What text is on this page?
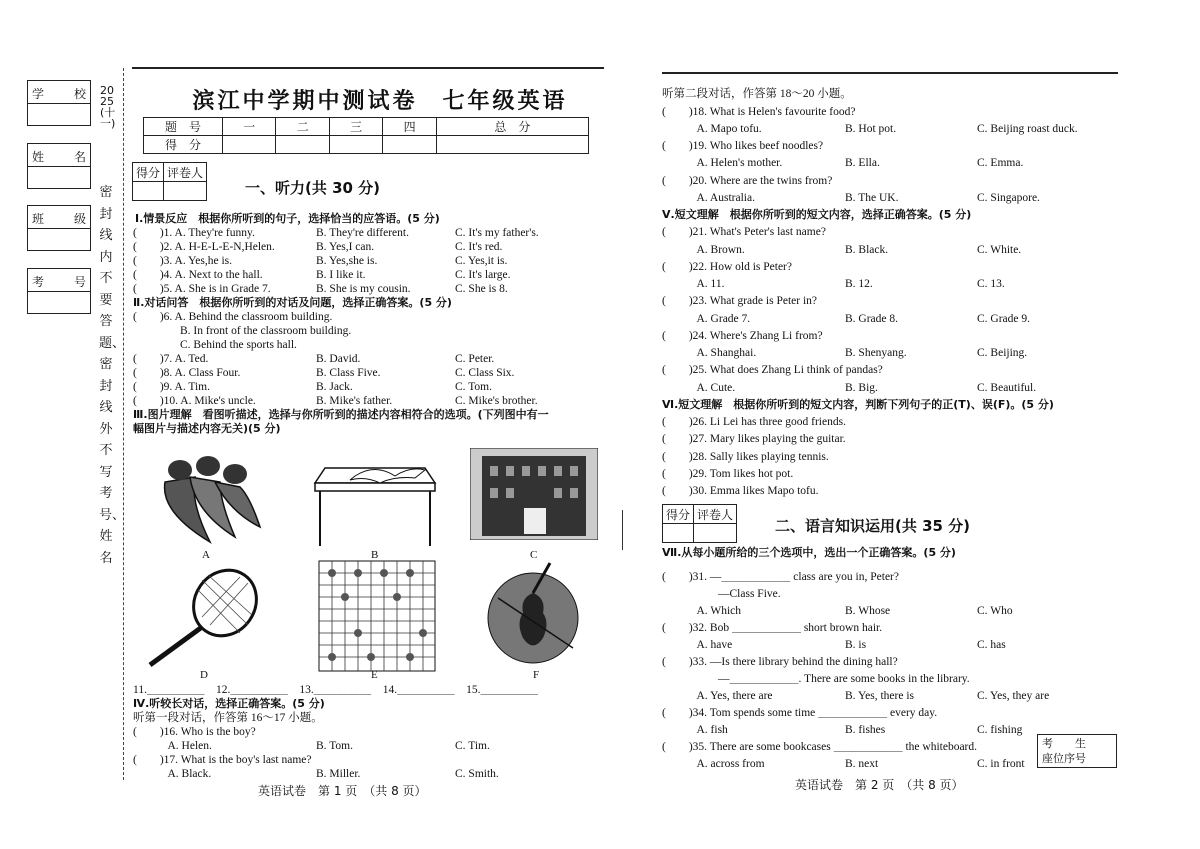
学 校
姓 名
班 级
考 号
2025(十一)
密封线内不要答题、密封线外不写考号、姓名
滨江中学期中测试卷　七年级英语
题　号	一	二	三	四	总　分
得　分					
得分	评卷人

一、听力(共 30 分)
Ⅰ.情景反应　根据你所听到的句子，选择恰当的应答语。(5 分)
(　　)1. A. They're funny.	B. They're different.	C. It's my father's.
(　　)2. A. H-E-L-E-N,Helen.	B. Yes,I can.	C. It's red.
(　　)3. A. Yes,he is.	B. Yes,she is.	C. Yes,it is.
(　　)4. A. Next to the hall.	B. I like it.	C. It's large.
(　　)5. A. She is in Grade 7.	B. She is my cousin.	C. She is 8.
Ⅱ.对话问答　根据你所听到的对话及问题，选择正确答案。(5 分)
(　　)6. A. Behind the classroom building.
B. In front of the classroom building.
C. Behind the sports hall.
(　　)7. A. Ted.	B. David.	C. Peter.
(　　)8. A. Class Four.	B. Class Five.	C. Class Six.
(　　)9. A. Tim.	B. Jack.	C. Tom.
(　　)10. A. Mike's uncle.	B. Mike's father.	C. Mike's brother.
Ⅲ.图片理解　看图听描述，选择与你所听到的描述内容相符合的选项。(下列图中有一
幅图片与描述内容无关)(5 分)
11.＿＿＿＿＿　12.＿＿＿＿＿　13.＿＿＿＿＿　14.＿＿＿＿＿　15.＿＿＿＿＿
Ⅳ.听较长对话，选择正确答案。(5 分)
听第一段对话，作答第 16～17 小题。
(　　)16. Who is the boy?
　　　A. Helen.	B. Tom.	C. Tim.
(　　)17. What is the boy's last name?
　　　A. Black.	B. Miller.	C. Smith.
A	B	C
D	E	F
听第二段对话，作答第 18～20 小题。
(　　)18. What is Helen's favourite food?
　　　A. Mapo tofu.	B. Hot pot.	C. Beijing roast duck.
(　　)19. Who likes beef noodles?
　　　A. Helen's mother.	B. Ella.	C. Emma.
(　　)20. Where are the twins from?
　　　A. Australia.	B. The UK.	C. Singapore.
Ⅴ.短文理解　根据你所听到的短文内容，选择正确答案。(5 分)
(　　)21. What's Peter's last name?
　　　A. Brown.	B. Black.	C. White.
(　　)22. How old is Peter?
　　　A. 11.	B. 12.	C. 13.
(　　)23. What grade is Peter in?
　　　A. Grade 7.	B. Grade 8.	C. Grade 9.
(　　)24. Where's Zhang Li from?
　　　A. Shanghai.	B. Shenyang.	C. Beijing.
(　　)25. What does Zhang Li think of pandas?
　　　A. Cute.	B. Big.	C. Beautiful.
Ⅵ.短文理解　根据你所听到的短文内容，判断下列句子的正(T)、误(F)。(5 分)
(　　)26. Li Lei has three good friends.
(　　)27. Mary likes playing the guitar.
(　　)28. Sally likes playing tennis.
(　　)29. Tom likes hot pot.
(　　)30. Emma likes Mapo tofu.
Ⅶ.从每小题所给的三个选项中，选出一个正确答案。(5 分)
(　　)31. —＿＿＿＿＿＿ class are you in, Peter?
—Class Five.
　　　A. Which	B. Whose	C. Who
(　　)32. Bob ＿＿＿＿＿＿ short brown hair.
　　　A. have	B. is	C. has
(　　)33. —Is there library behind the dining hall?
—＿＿＿＿＿＿. There are some books in the library.
　　　A. Yes, there are	B. Yes, there is	C. Yes, they are
(　　)34. Tom spends some time ＿＿＿＿＿＿ every day.
　　　A. fish	B. fishes	C. fishing
(　　)35. There are some bookcases ＿＿＿＿＿＿ the whiteboard.
　　　A. across from	B. next	C. in front
得分	评卷人

二、语言知识运用(共 35 分)
考　　生
座位序号
英语试卷　第 1 页　（共 8 页）	英语试卷　第 2 页　（共 8 页）
